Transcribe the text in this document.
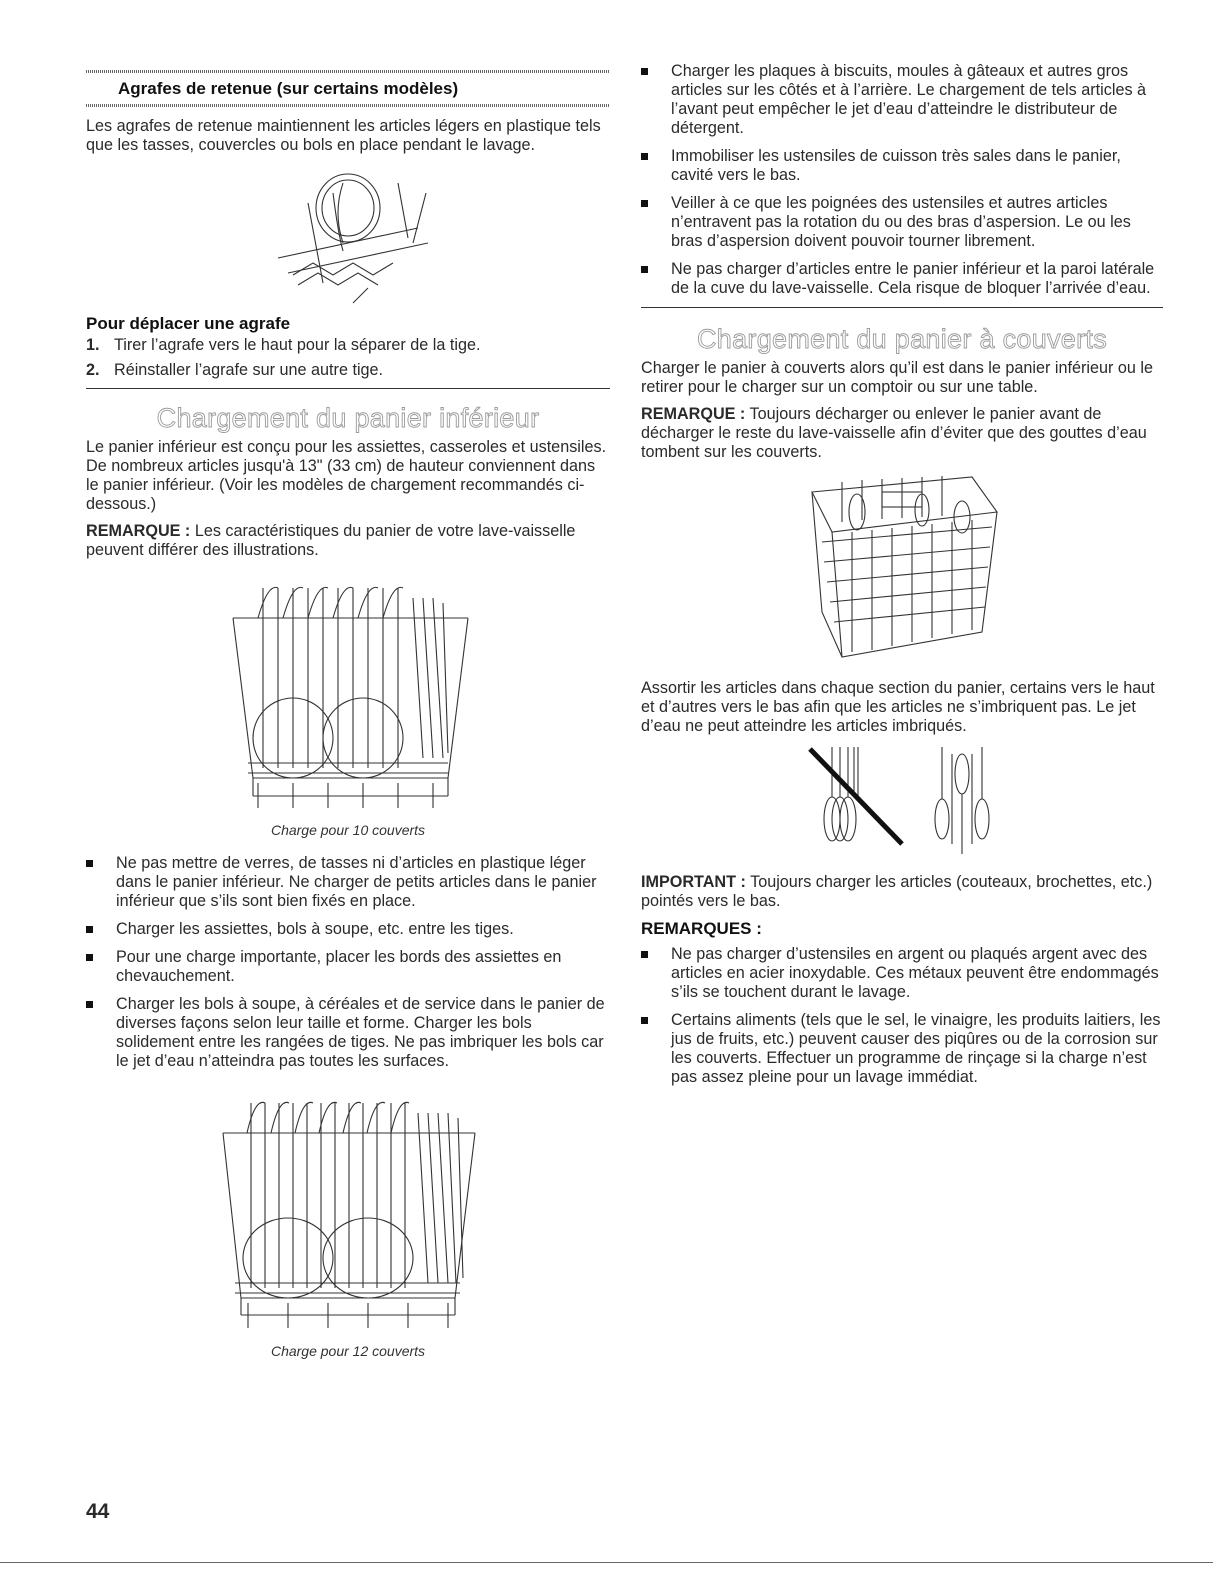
Agrafes de retenue (sur certains modèles)

Les agrafes de retenue maintiennent les articles légers en plastique tels que les tasses, couvercles ou bols en place pendant le lavage.

Pour déplacer une agrafe
1. Tirer l’agrafe vers le haut pour la séparer de la tige.
2. Réinstaller l’agrafe sur une autre tige.
Chargement du panier inférieur

Le panier inférieur est conçu pour les assiettes, casseroles et ustensiles. De nombreux articles jusqu'à 13" (33 cm) de hauteur conviennent dans le panier inférieur. (Voir les modèles de chargement recommandés ci-dessous.)

REMARQUE : Les caractéristiques du panier de votre lave-vaisselle peuvent différer des illustrations.

Charge pour 10 couverts
Ne pas mettre de verres, de tasses ni d’articles en plastique léger dans le panier inférieur. Ne charger de petits articles dans le panier inférieur que s’ils sont bien fixés en place.
Charger les assiettes, bols à soupe, etc. entre les tiges.
Pour une charge importante, placer les bords des assiettes en chevauchement.
Charger les bols à soupe, à céréales et de service dans le panier de diverses façons selon leur taille et forme. Charger les bols solidement entre les rangées de tiges. Ne pas imbriquer les bols car le jet d’eau n’atteindra pas toutes les surfaces.
Charge pour 12 couverts
Charger les plaques à biscuits, moules à gâteaux et autres gros articles sur les côtés et à l’arrière. Le chargement de tels articles à l’avant peut empêcher le jet d’eau d’atteindre le distributeur de détergent.
Immobiliser les ustensiles de cuisson très sales dans le panier, cavité vers le bas.
Veiller à ce que les poignées des ustensiles et autres articles n’entravent pas la rotation du ou des bras d’aspersion. Le ou les bras d’aspersion doivent pouvoir tourner librement.
Ne pas charger d’articles entre le panier inférieur et la paroi latérale de la cuve du lave-vaisselle. Cela risque de bloquer l’arrivée d’eau.
Chargement du panier à couverts

Charger le panier à couverts alors qu’il est dans le panier inférieur ou le retirer pour le charger sur un comptoir ou sur une table.

REMARQUE : Toujours décharger ou enlever le panier avant de décharger le reste du lave-vaisselle afin d’éviter que des gouttes d’eau tombent sur les couverts.

Assortir les articles dans chaque section du panier, certains vers le haut et d’autres vers le bas afin que les articles ne s’imbriquent pas. Le jet d’eau ne peut atteindre les articles imbriqués.

IMPORTANT : Toujours charger les articles (couteaux, brochettes, etc.) pointés vers le bas.

REMARQUES :
Ne pas charger d’ustensiles en argent ou plaqués argent avec des articles en acier inoxydable. Ces métaux peuvent être endommagés s’ils se touchent durant le lavage.
Certains aliments (tels que le sel, le vinaigre, les produits laitiers, les jus de fruits, etc.) peuvent causer des piqûres ou de la corrosion sur les couverts. Effectuer un programme de rinçage si la charge n’est pas assez pleine pour un lavage immédiat.
44
